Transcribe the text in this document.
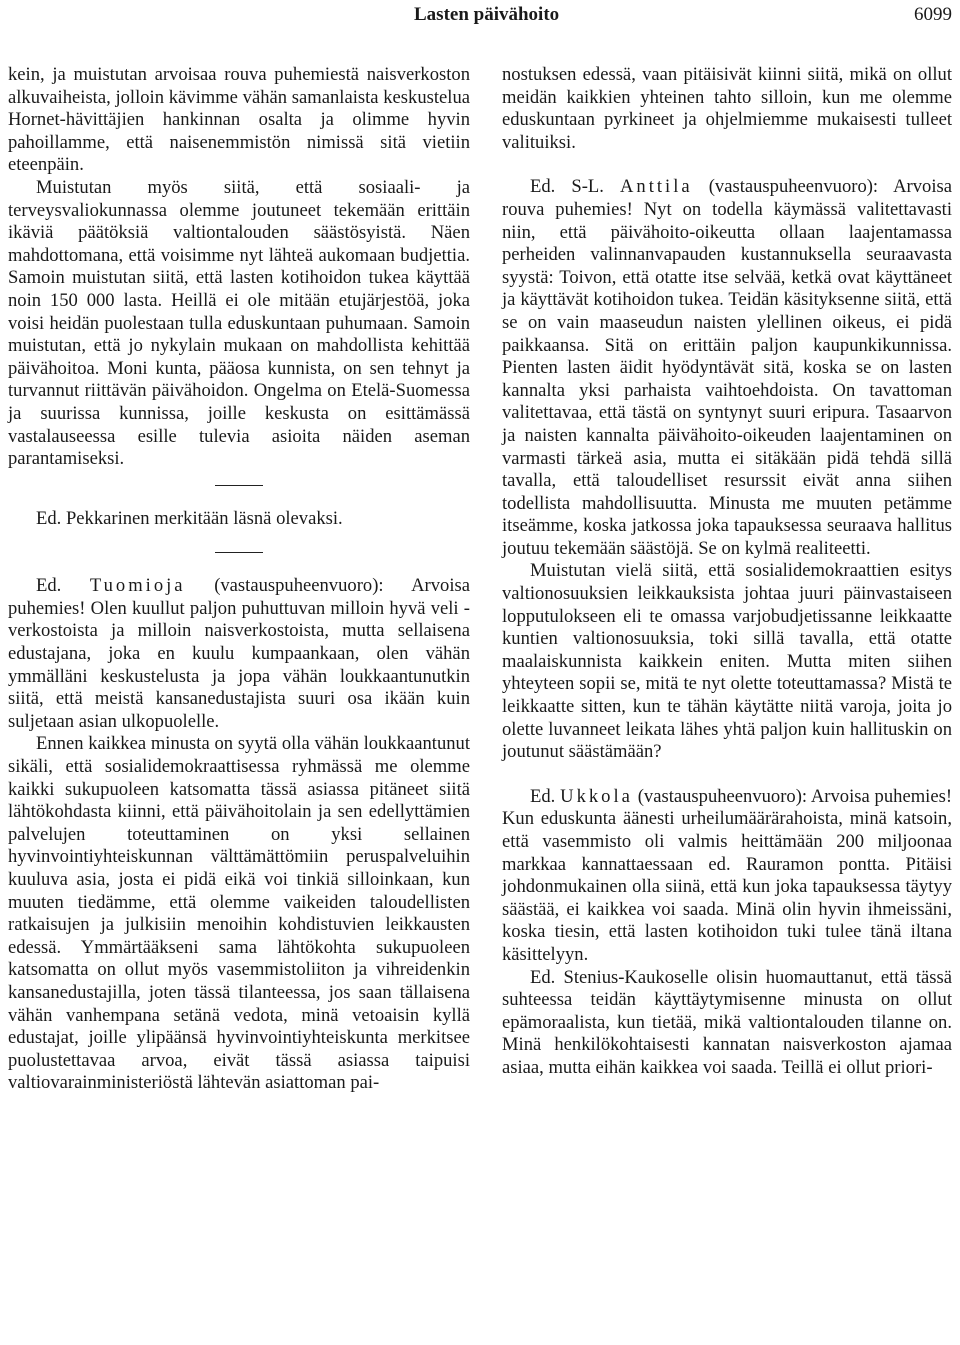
Lasten päivähoito	6099

kein, ja muistutan arvoisaa rouva puhemiestä naisverkoston alkuvaiheista, jolloin kävimme vähän samanlaista keskustelua Hornet-hävittäjien hankinnan osalta ja olimme hyvin pahoillamme, että naisenemmistön nimissä sitä vietiin eteenpäin.

Muistutan myös siitä, että sosiaali- ja terveysvaliokunnassa olemme joutuneet tekemään erittäin ikäviä päätöksiä valtiontalouden säästösyistä. Näen mahdottomana, että voisimme nyt lähteä aukomaan budjettia. Samoin muistutan siitä, että lasten kotihoidon tukea käyttää noin 150 000 lasta. Heillä ei ole mitään etujärjestöä, joka voisi heidän puolestaan tulla eduskuntaan puhumaan. Samoin muistutan, että jo nykylain mukaan on mahdollista kehittää päivähoitoa. Moni kunta, pääosa kunnista, on sen tehnyt ja turvannut riittävän päivähoidon. Ongelma on Etelä-Suomessa ja suurissa kunnissa, joille keskusta on esittämässä vastalauseessa esille tulevia asioita näiden aseman parantamiseksi.

Ed. Pekkarinen merkitään läsnä olevaksi.

Ed. Tuomioja (vastauspuheenvuoro): Arvoisa puhemies! Olen kuullut paljon puhuttuvan milloin hyvä veli -verkostoista ja milloin naisverkostoista, mutta sellaisena edustajana, joka en kuulu kumpaankaan, olen vähän ymmälläni keskustelusta ja jopa vähän loukkaantunutkin siitä, että meistä kansanedustajista suuri osa ikään kuin suljetaan asian ulkopuolelle.

Ennen kaikkea minusta on syytä olla vähän loukkaantunut sikäli, että sosialidemokraattisessa ryhmässä me olemme kaikki sukupuoleen katsomatta tässä asiassa pitäneet siitä lähtökohdasta kiinni, että päivähoitolain ja sen edellyttämien palvelujen toteuttaminen on yksi sellainen hyvinvointiyhteiskunnan välttämättömiin peruspalveluihin kuuluva asia, josta ei pidä eikä voi tinkiä silloinkaan, kun muuten tiedämme, että olemme vaikeiden taloudellisten ratkaisujen ja julkisiin menoihin kohdistuvien leikkausten edessä. Ymmärtääkseni sama lähtökohta sukupuoleen katsomatta on ollut myös vasemmistoliiton ja vihreidenkin kansanedustajilla, joten tässä tilanteessa, jos saan tällaisena vähän vanhempana setänä vedota, minä vetoaisin kyllä edustajat, joille ylipäänsä hyvinvointiyhteiskunta merkitsee puolustettavaa arvoa, eivät tässä asiassa taipuisi valtiovarainministeriöstä lähtevän asiattoman pai-

nostuksen edessä, vaan pitäisivät kiinni siitä, mikä on ollut meidän kaikkien yhteinen tahto silloin, kun me olemme eduskuntaan pyrkineet ja ohjelmiemme mukaisesti tulleet valituiksi.

Ed. S-L. Anttila (vastauspuheenvuoro): Arvoisa rouva puhemies! Nyt on todella käymässä valitettavasti niin, että päivähoito-oikeutta ollaan laajentamassa perheiden valinnanvapauden kustannuksella seuraavasta syystä: Toivon, että otatte itse selvää, ketkä ovat käyttäneet ja käyttävät kotihoidon tukea. Teidän käsityksenne siitä, että se on vain maaseudun naisten ylellinen oikeus, ei pidä paikkaansa. Sitä on erittäin paljon kaupunkikunnissa. Pienten lasten äidit hyödyntävät sitä, koska se on lasten kannalta yksi parhaista vaihtoehdoista. On tavattoman valitettavaa, että tästä on syntynyt suuri eripura. Tasaarvon ja naisten kannalta päivähoito-oikeuden laajentaminen on varmasti tärkeä asia, mutta ei sitäkään pidä tehdä sillä tavalla, että taloudelliset resurssit eivät anna siihen todellista mahdollisuutta. Minusta me muuten petämme itseämme, koska jatkossa joka tapauksessa seuraava hallitus joutuu tekemään säästöjä. Se on kylmä realiteetti.

Muistutan vielä siitä, että sosialidemokraattien esitys valtionosuuksien leikkauksista johtaa juuri päinvastaiseen lopputulokseen eli te omassa varjobudjetissanne leikkaatte kuntien valtionosuuksia, toki sillä tavalla, että otatte maalaiskunnista kaikkein eniten. Mutta miten siihen yhteyteen sopii se, mitä te nyt olette toteuttamassa? Mistä te leikkaatte sitten, kun te tähän käytätte niitä varoja, joita jo olette luvanneet leikata lähes yhtä paljon kuin hallituskin on joutunut säästämään?

Ed. Ukkola (vastauspuheenvuoro): Arvoisa puhemies! Kun eduskunta äänesti urheilumäärärahoista, minä katsoin, että vasemmisto oli valmis heittämään 200 miljoonaa markkaa kannattaessaan ed. Rauramon pontta. Pitäisi johdonmukainen olla siinä, että kun joka tapauksessa täytyy säästää, ei kaikkea voi saada. Minä olin hyvin ihmeissäni, koska tiesin, että lasten kotihoidon tuki tulee tänä iltana käsittelyyn.

Ed. Stenius-Kaukoselle olisin huomauttanut, että tässä suhteessa teidän käyttäytymisenne minusta on ollut epämoraalista, kun tietää, mikä valtiontalouden tilanne on. Minä henkilökohtaisesti kannatan naisverkoston ajamaa asiaa, mutta eihän kaikkea voi saada. Teillä ei ollut priori-
